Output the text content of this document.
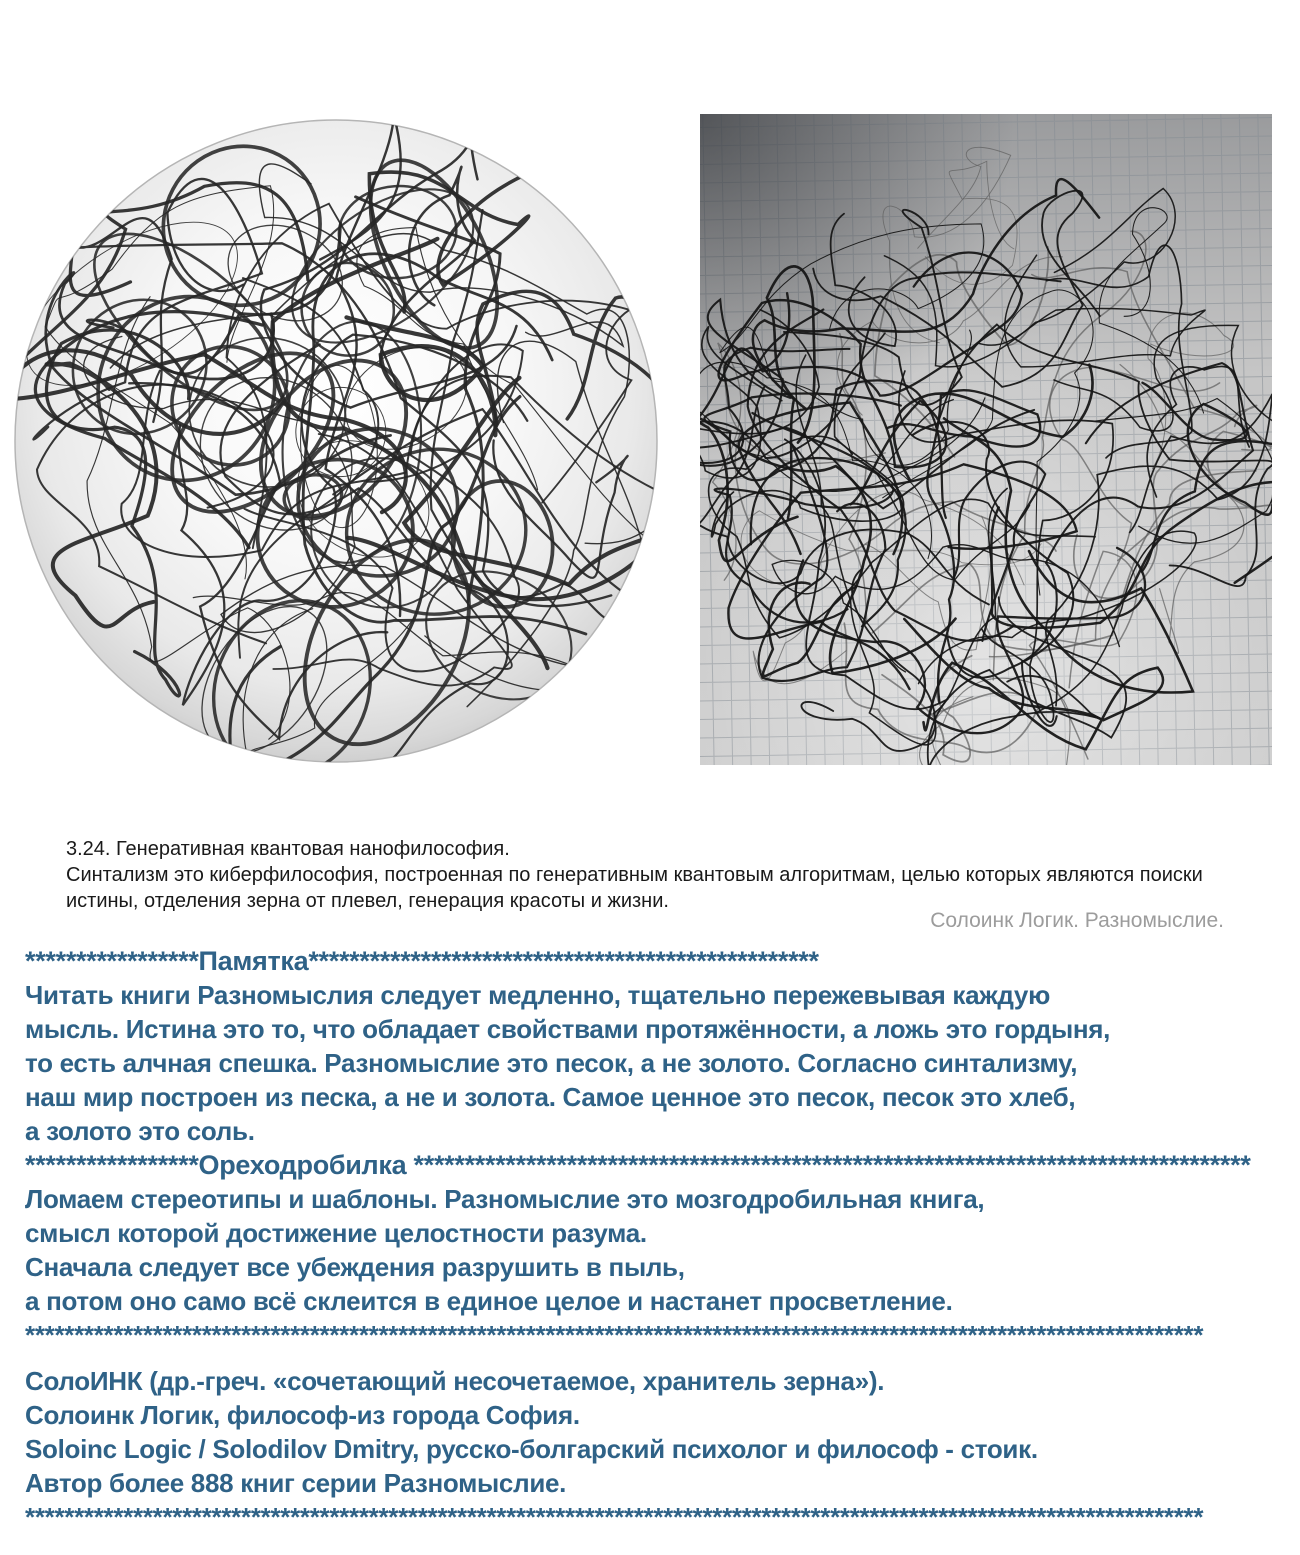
3.24. Генеративная квантовая нанофилософия.
Синтализм это киберфилософия, построенная по генеративным квантовым алгоритмам, целью которых являются поиски
истины, отделения зерна от плевел, генерация красоты и жизни.
Солоинк Логик. Разномыслие.
*****************Памятка**************************************************
Читать книги Разномыслия следует медленно, тщательно пережевывая каждую
мысль. Истина это то, что обладает свойствами протяжённости, а ложь это гордыня,
то есть алчная спешка. Разномыслие это песок, а не золото. Согласно синтализму,
наш мир построен из песка, а не и золота. Самое ценное это песок, песок это хлеб,
а золото это соль.
*****************Ореходробилка **********************************************************************************
Ломаем стереотипы и шаблоны. Разномыслие это мозгодробильная книга,
смысл которой достижение целостности разума.
Сначала следует все убеждения разрушить в пыль,
а потом оно само всё склеится в единое целое и настанет просветление.
************************************************************************************************************************
СолоИНК (др.-греч. «сочетающий несочетаемое, хранитель зерна»).
Солоинк Логик, философ-из города София.
Soloinc Logic / Solodilov Dmitry, русско-болгарский психолог и философ - стоик.
Автор более 888 книг серии Разномыслие.
************************************************************************************************************************
